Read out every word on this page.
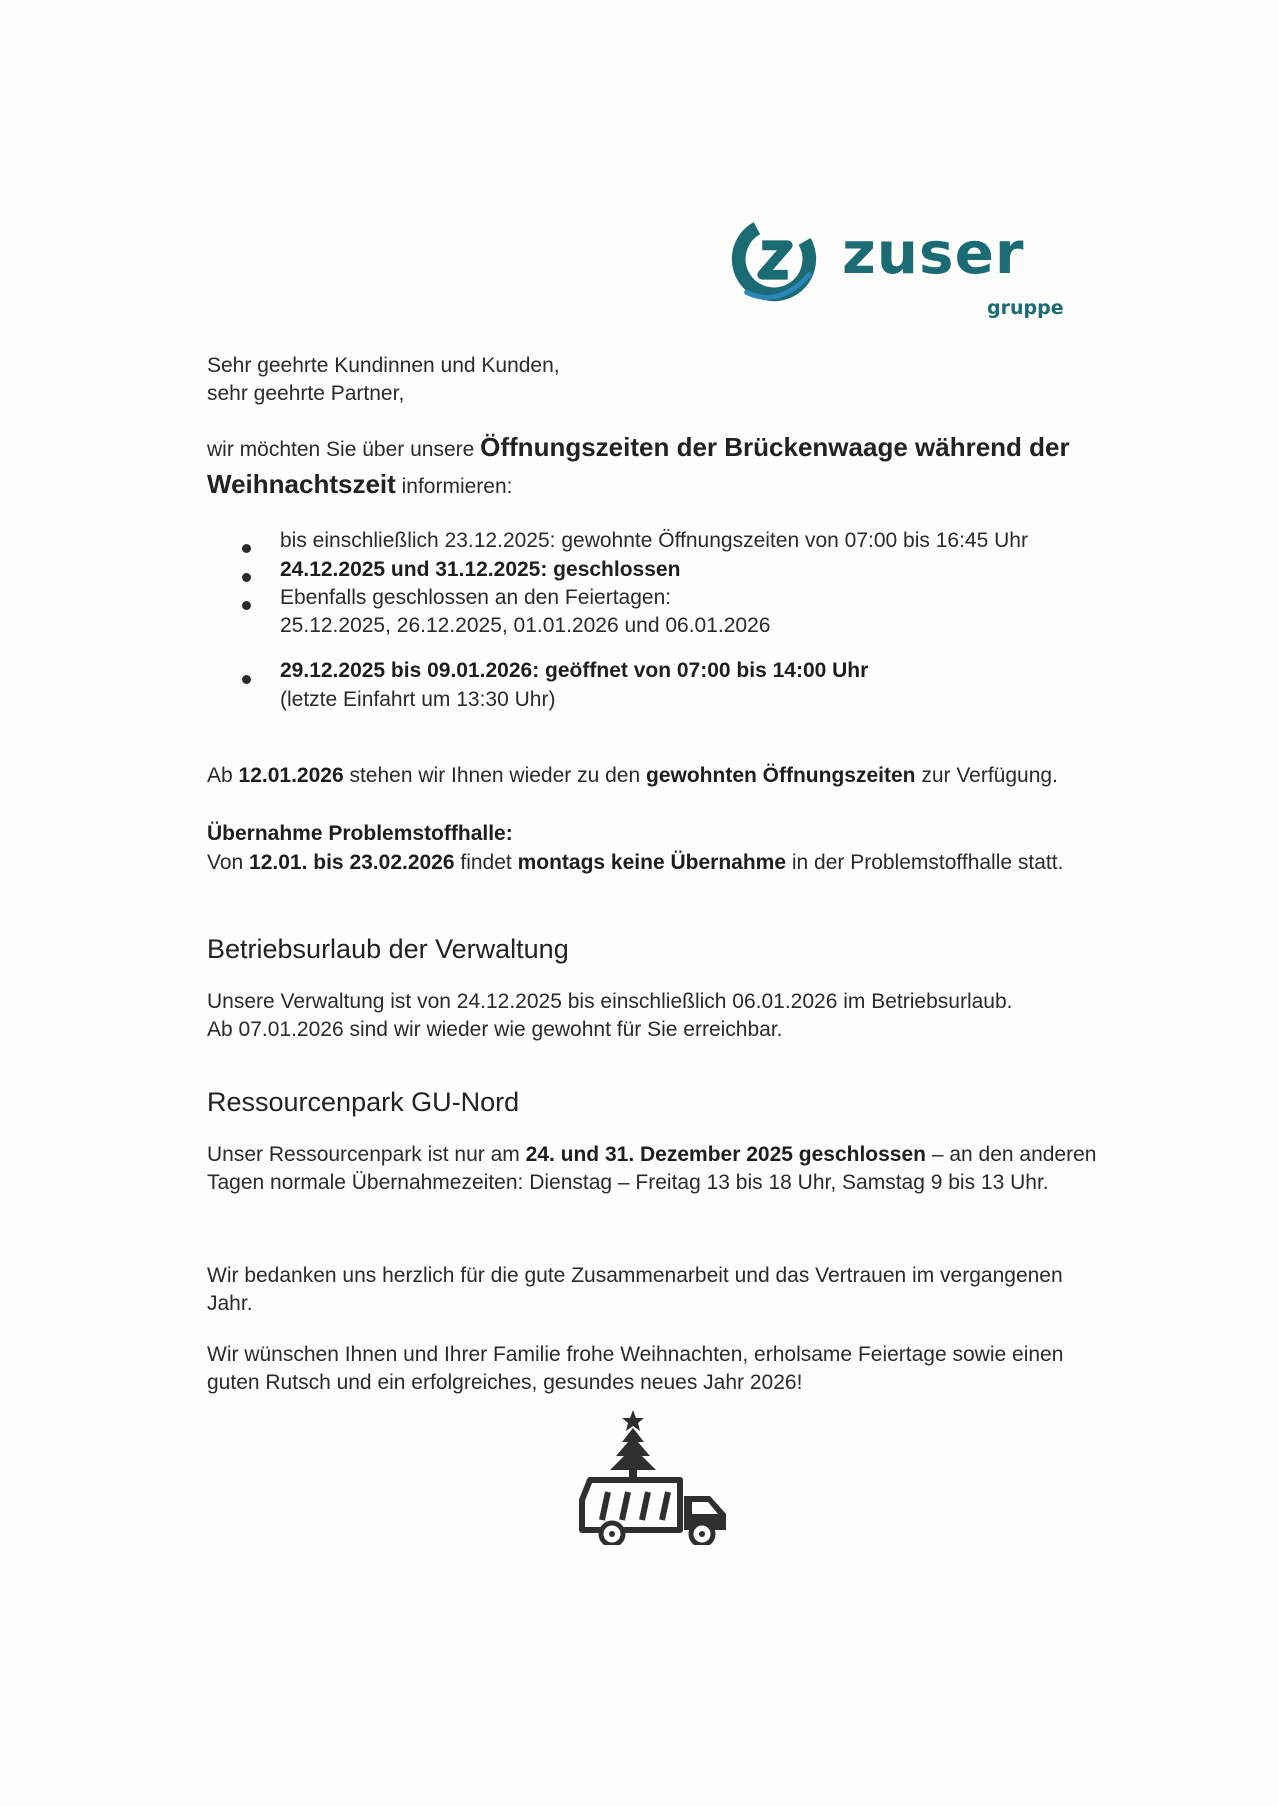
zuser
gruppe
Sehr geehrte Kundinnen und Kunden,
sehr geehrte Partner,
wir möchten Sie über unsere Öffnungszeiten der Brückenwaage während der
Weihnachtszeit informieren:
bis einschließlich 23.12.2025: gewohnte Öffnungszeiten von 07:00 bis 16:45 Uhr
24.12.2025 und 31.12.2025: geschlossen
Ebenfalls geschlossen an den Feiertagen:
25.12.2025, 26.12.2025, 01.01.2026 und 06.01.2026
29.12.2025 bis 09.01.2026: geöffnet von 07:00 bis 14:00 Uhr
(letzte Einfahrt um 13:30 Uhr)
Ab 12.01.2026 stehen wir Ihnen wieder zu den gewohnten Öffnungszeiten zur Verfügung.
Übernahme Problemstoffhalle:
Von 12.01. bis 23.02.2026 findet montags keine Übernahme in der Problemstoffhalle statt.
Betriebsurlaub der Verwaltung
Unsere Verwaltung ist von 24.12.2025 bis einschließlich 06.01.2026 im Betriebsurlaub.
Ab 07.01.2026 sind wir wieder wie gewohnt für Sie erreichbar.
Ressourcenpark GU-Nord
Unser Ressourcenpark ist nur am 24. und 31. Dezember 2025 geschlossen – an den anderen
Tagen normale Übernahmezeiten: Dienstag – Freitag 13 bis 18 Uhr, Samstag 9 bis 13 Uhr.
Wir bedanken uns herzlich für die gute Zusammenarbeit und das Vertrauen im vergangenen
Jahr.
Wir wünschen Ihnen und Ihrer Familie frohe Weihnachten, erholsame Feiertage sowie einen
guten Rutsch und ein erfolgreiches, gesundes neues Jahr 2026!
